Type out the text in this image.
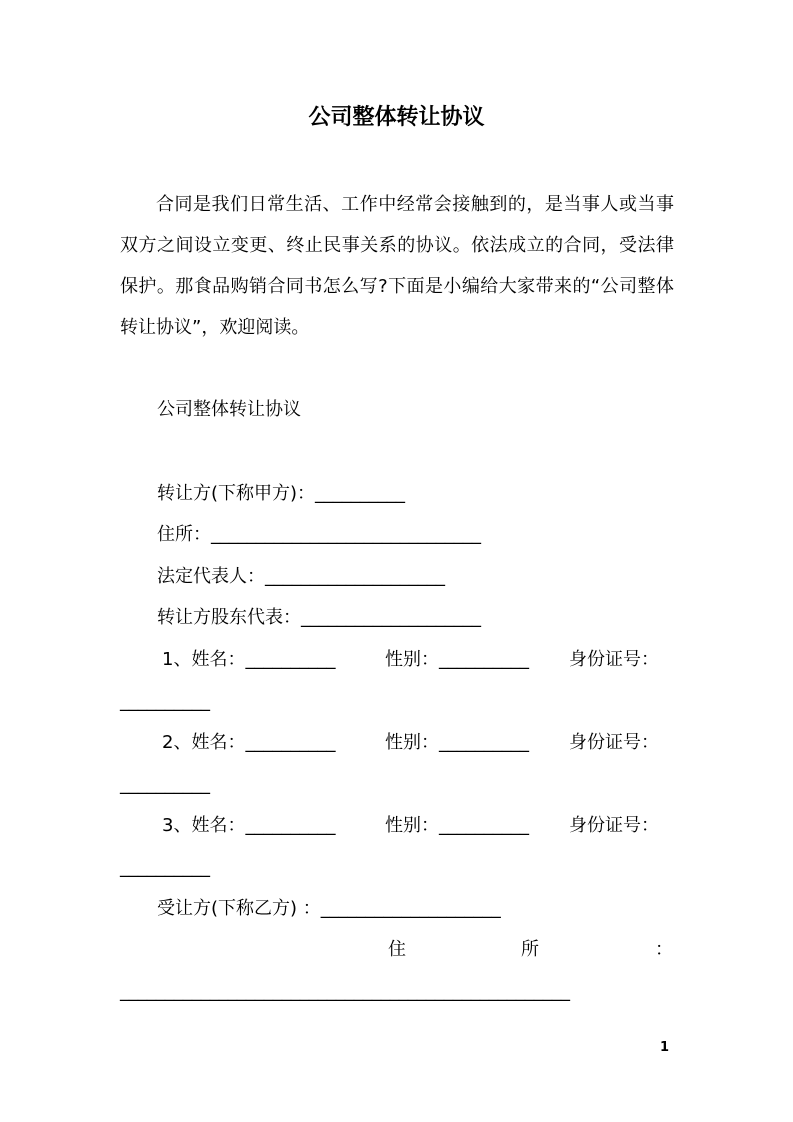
公司整体转让协议
合同是我们日常生活、工作中经常会接触到的，是当事人或当事双方之间设立变更、终止民事关系的协议。依法成立的合同，受法律保护。那食品购销合同书怎么写?下面是小编给大家带来的“公司整体转让协议”，欢迎阅读。
公司整体转让协议
转让方(下称甲方)：__________
住所：______________________________
法定代表人：____________________
转让方股东代表：____________________
1、姓名：__________	性别：__________ 身份证号：
__________
2、姓名：__________	性别：__________ 身份证号：
__________
3、姓名：__________	性别：__________ 身份证号：
__________
受让方(下称乙方) ：____________________
住	所	：
__________________________________________________
1
